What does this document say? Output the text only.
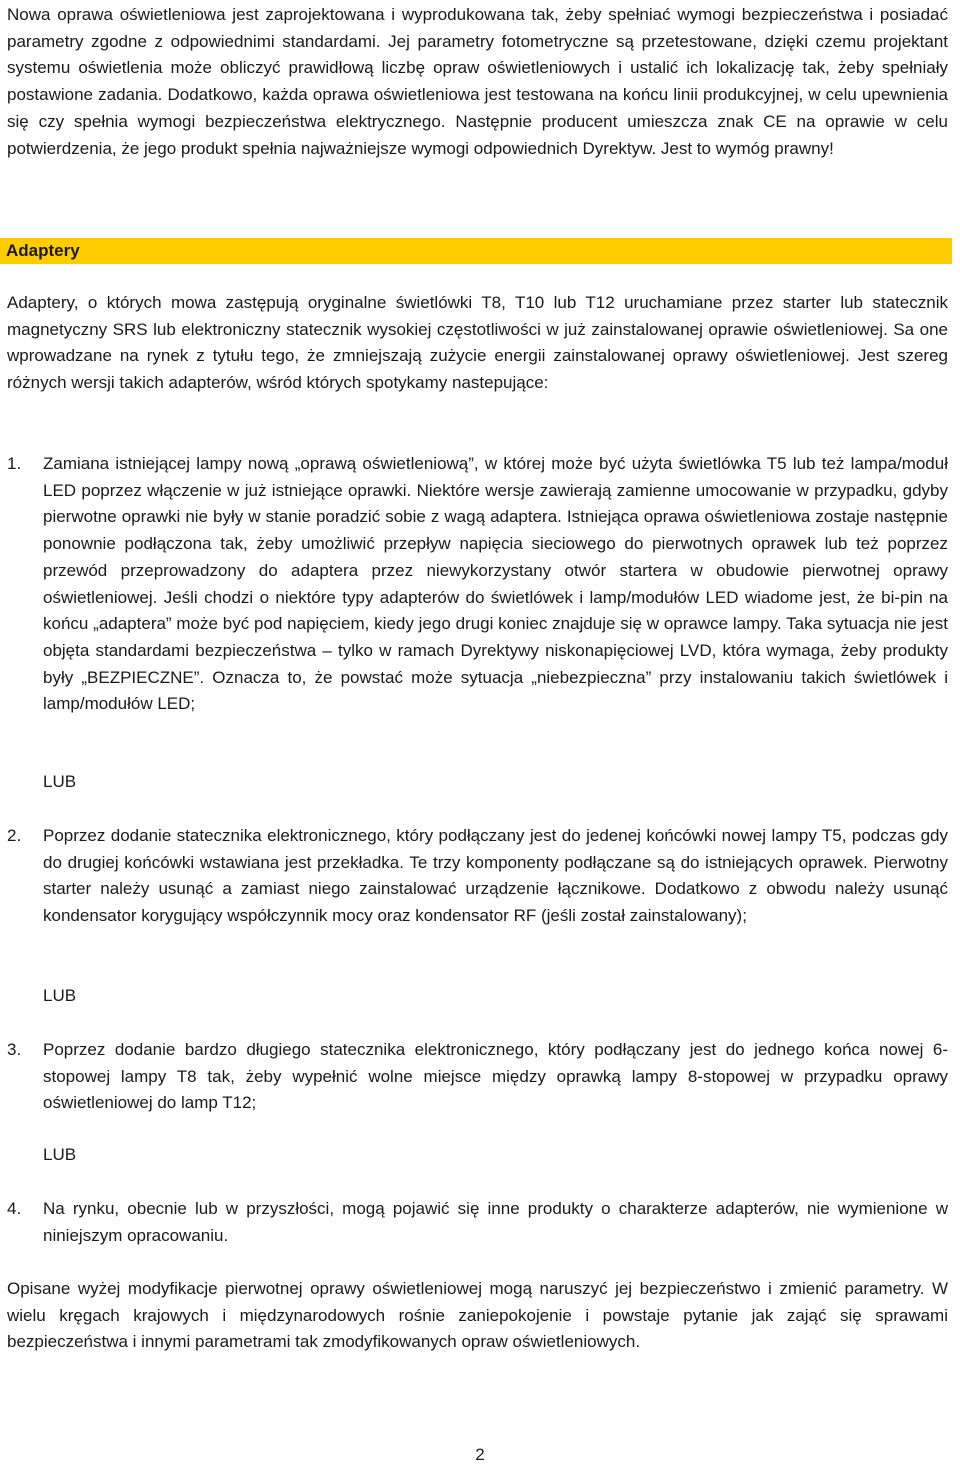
Nowa oprawa oświetleniowa jest zaprojektowana i wyprodukowana tak, żeby spełniać wymogi bezpieczeństwa i posiadać parametry zgodne z odpowiednimi standardami. Jej parametry fotometryczne są przetestowane, dzięki czemu projektant systemu oświetlenia może obliczyć prawidłową liczbę opraw oświetleniowych i ustalić ich lokalizację tak, żeby spełniały postawione zadania. Dodatkowo, każda oprawa oświetleniowa jest testowana na końcu linii produkcyjnej, w celu upewnienia się czy spełnia wymogi bezpieczeństwa elektrycznego. Następnie producent umieszcza znak CE na oprawie w celu potwierdzenia, że jego produkt spełnia najważniejsze wymogi odpowiednich Dyrektyw. Jest to wymóg prawny!

Adaptery

Adaptery, o których mowa zastępują oryginalne świetlówki T8, T10 lub T12 uruchamiane przez starter lub statecznik magnetyczny SRS lub elektroniczny statecznik wysokiej częstotliwości w już zainstalowanej oprawie oświetleniowej. Sa one wprowadzane na rynek z tytułu tego, że zmniejszają zużycie energii zainstalowanej oprawy oświetleniowej. Jest szereg różnych wersji takich adapterów, wśród których spotykamy nastepujące:

1. Zamiana istniejącej lampy nową „oprawą oświetleniową”, w której może być użyta świetlówka T5 lub też lampa/moduł LED poprzez włączenie w już istniejące oprawki. Niektóre wersje zawierają zamienne umocowanie w przypadku, gdyby pierwotne oprawki nie były w stanie poradzić sobie z wagą adaptera. Istniejąca oprawa oświetleniowa zostaje następnie ponownie podłączona tak, żeby umożliwić przepływ napięcia sieciowego do pierwotnych oprawek lub też poprzez przewód przeprowadzony do adaptera przez niewykorzystany otwór startera w obudowie pierwotnej oprawy oświetleniowej. Jeśli chodzi o niektóre typy adapterów do świetlówek i lamp/modułów LED wiadome jest, że bi-pin na końcu „adaptera” może być pod napięciem, kiedy jego drugi koniec znajduje się w oprawce lampy. Taka sytuacja nie jest objęta standardami bezpieczeństwa – tylko w ramach Dyrektywy niskonapięciowej LVD, która wymaga, żeby produkty były „BEZPIECZNE”. Oznacza to, że powstać może sytuacja „niebezpieczna” przy instalowaniu takich świetlówek i lamp/modułów LED;

LUB
2. Poprzez dodanie statecznika elektronicznego, który podłączany jest do jedenej końcówki nowej lampy T5, podczas gdy do drugiej końcówki wstawiana jest przekładka. Te trzy komponenty podłączane są do istniejących oprawek. Pierwotny starter należy usunąć a zamiast niego zainstalować urządzenie łącznikowe. Dodatkowo z obwodu należy usunąć kondensator korygujący współczynnik mocy oraz kondensator RF (jeśli został zainstalowany);

LUB
3. Poprzez dodanie bardzo długiego statecznika elektronicznego, który podłączany jest do jednego końca nowej 6-stopowej lampy T8 tak, żeby wypełnić wolne miejsce między oprawką lampy 8-stopowej w przypadku oprawy oświetleniowej do lamp T12;

LUB
4. Na rynku, obecnie lub w przyszłości, mogą pojawić się inne produkty o charakterze adapterów, nie wymienione w niniejszym opracowaniu.

Opisane wyżej modyfikacje pierwotnej oprawy oświetleniowej mogą naruszyć jej bezpieczeństwo i zmienić parametry. W wielu kręgach krajowych i międzynarodowych rośnie zaniepokojenie i powstaje pytanie jak zająć się sprawami bezpieczeństwa i innymi parametrami tak zmodyfikowanych opraw oświetleniowych.

2
